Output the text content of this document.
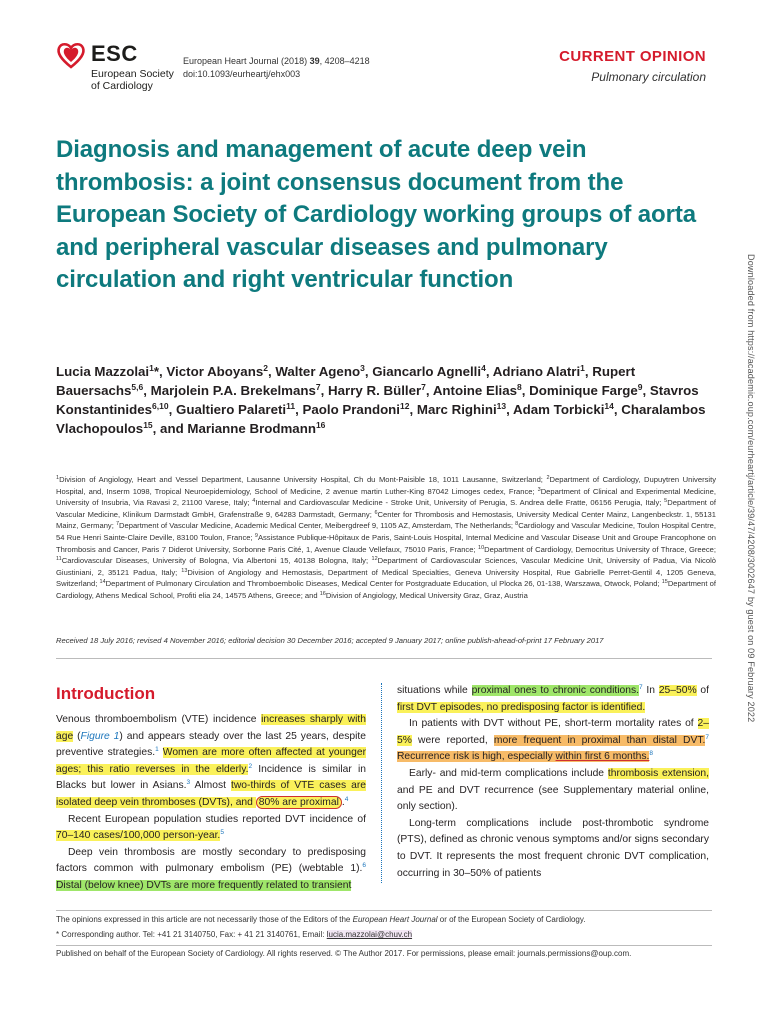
ESC
European Society
of Cardiology
European Heart Journal (2018) 39, 4208–4218
doi:10.1093/eurheartj/ehx003
CURRENT OPINION
Pulmonary circulation
Diagnosis and management of acute deep vein thrombosis: a joint consensus document from the European Society of Cardiology working groups of aorta and peripheral vascular diseases and pulmonary circulation and right ventricular function
Lucia Mazzolai$^1$*, Victor Aboyans$^2$, Walter Ageno$^3$, Giancarlo Agnelli$^4$, Adriano Alatri$^1$, Rupert Bauersachs$^{5,6}$, Marjolein P.A. Brekelmans$^7$, Harry R. Büller$^7$, Antoine Elias$^8$, Dominique Farge$^9$, Stavros Konstantinides$^{6,10}$, Gualtiero Palareti$^{11}$, Paolo Prandoni$^{12}$, Marc Righini$^{13}$, Adam Torbicki$^{14}$, Charalambos Vlachopoulos$^{15}$, and Marianne Brodmann$^{16}$
$^1$Division of Angiology, Heart and Vessel Department, Lausanne University Hospital, Ch du Mont-Paisible 18, 1011 Lausanne, Switzerland; $^2$Department of Cardiology, Dupuytren University Hospital, and, Inserm 1098, Tropical Neuroepidemiology, School of Medicine, 2 avenue martin Luther-King 87042 Limoges cedex, France; $^3$Department of Clinical and Experimental Medicine, University of Insubria, Via Ravasi 2, 21100 Varese, Italy; $^4$Internal and Cardiovascular Medicine - Stroke Unit, University of Perugia, S. Andrea delle Fratte, 06156 Perugia, Italy; $^5$Department of Vascular Medicine, Klinikum Darmstadt GmbH, Grafenstraße 9, 64283 Darmstadt, Germany; $^6$Center for Thrombosis and Hemostasis, University Medical Center Mainz, Langenbeckstr. 1, 55131 Mainz, Germany; $^7$Department of Vascular Medicine, Academic Medical Center, Meibergdreef 9, 1105 AZ, Amsterdam, The Netherlands; $^8$Cardiology and Vascular Medicine, Toulon Hospital Centre, 54 Rue Henri Sainte-Claire Deville, 83100 Toulon, France; $^9$Assistance Publique-Hôpitaux de Paris, Saint-Louis Hospital, Internal Medicine and Vascular Disease Unit and Groupe Francophone on Thrombosis and Cancer, Paris 7 Diderot University, Sorbonne Paris Cité, 1, Avenue Claude Vellefaux, 75010 Paris, France; $^{10}$Department of Cardiology, Democritus University of Thrace, Greece; $^{11}$Cardiovascular Diseases, University of Bologna, Via Albertoni 15, 40138 Bologna, Italy; $^{12}$Department of Cardiovascular Sciences, Vascular Medicine Unit, University of Padua, Via Nicolò Giustiniani, 2, 35121 Padua, Italy; $^{13}$Division of Angiology and Hemostasis, Department of Medical Specialties, Geneva University Hospital, Rue Gabrielle Perret-Gentil 4, 1205 Geneva, Switzerland; $^{14}$Department of Pulmonary Circulation and Thromboembolic Diseases, Medical Center for Postgraduate Education, ul Plocka 26, 01-138, Warszawa, Otwock, Poland; $^{15}$Department of Cardiology, Athens Medical School, Profiti elia 24, 14575 Athens, Greece; and $^{16}$Division of Angiology, Medical University Graz, Graz, Austria
Received 18 July 2016; revised 4 November 2016; editorial decision 30 December 2016; accepted 9 January 2017; online publish-ahead-of-print 17 February 2017
Introduction

Venous thromboembolism (VTE) incidence increases sharply with age (Figure 1) and appears steady over the last 25 years, despite preventive strategies.$^1$ Women are more often affected at younger ages; this ratio reverses in the elderly.$^2$ Incidence is similar in Blacks but lower in Asians.$^3$ Almost two-thirds of VTE cases are isolated deep vein thromboses (DVTs), and 80% are proximal .$^4$

Recent European population studies reported DVT incidence of 70–140 cases/100,000 person-year.$^5$

Deep vein thrombosis are mostly secondary to predisposing factors common with pulmonary embolism (PE) (webtable 1).$^6$ Distal (below knee) DVTs are more frequently related to transient

situations while proximal ones to chronic conditions.$^7$ In 25–50% of first DVT episodes, no predisposing factor is identified.

In patients with DVT without PE, short-term mortality rates of 2–5% were reported, more frequent in proximal than distal DVT.$^7$ Recurrence risk is high, especially within first 6 months.$^8$

Early- and mid-term complications include thrombosis extension, and PE and DVT recurrence (see Supplementary material online, only section).

Long-term complications include post-thrombotic syndrome (PTS), defined as chronic venous symptoms and/or signs secondary to DVT. It represents the most frequent chronic DVT complication, occurring in 30–50% of patients

The opinions expressed in this article are not necessarily those of the Editors of the European Heart Journal or of the European Society of Cardiology.
* Corresponding author. Tel: +41 21 3140750, Fax: + 41 21 3140761, Email: lucia.mazzolai@chuv.ch
Published on behalf of the European Society of Cardiology. All rights reserved. © The Author 2017. For permissions, please email: journals.permissions@oup.com.
Downloaded from https://academic.oup.com/eurheartj/article/39/47/4208/3002647 by guest on 09 February 2022
